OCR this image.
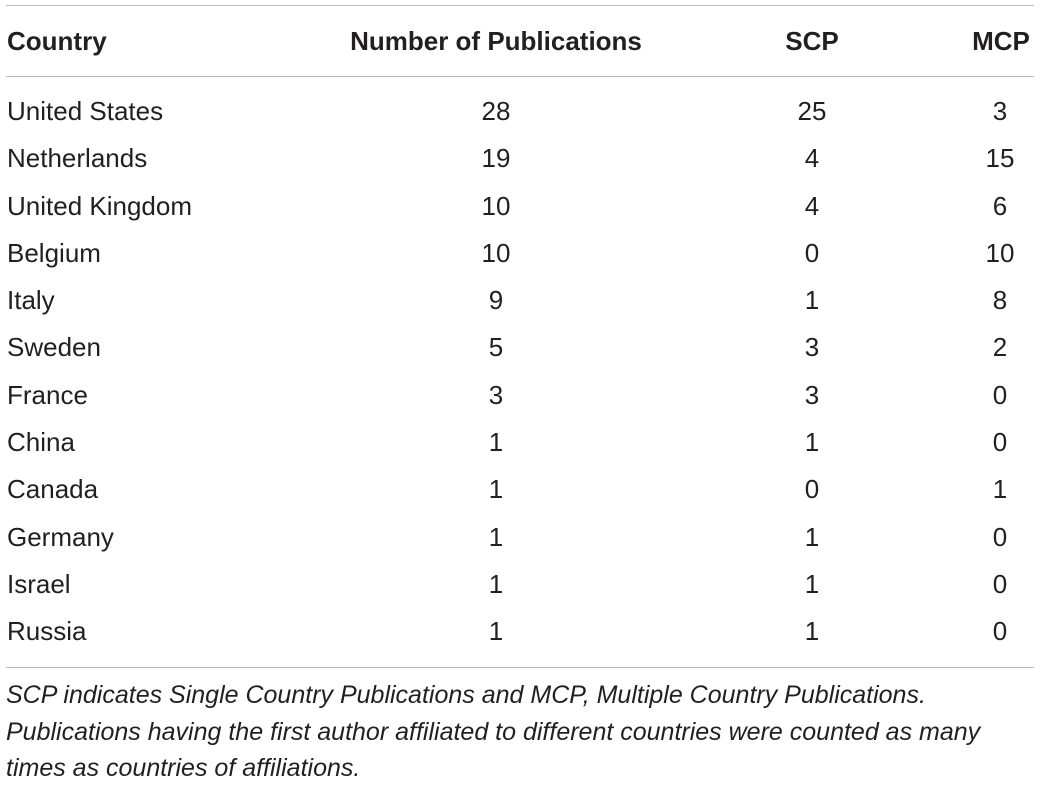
Country	Number of Publications	SCP	MCP
United States	28	25	3
Netherlands	19	4	15
United Kingdom	10	4	6
Belgium	10	0	10
Italy	9	1	8
Sweden	5	3	2
France	3	3	0
China	1	1	0
Canada	1	0	1
Germany	1	1	0
Israel	1	1	0
Russia	1	1	0
SCP indicates Single Country Publications and MCP, Multiple Country Publications. Publications having the first author affiliated to different countries were counted as many times as countries of affiliations.
